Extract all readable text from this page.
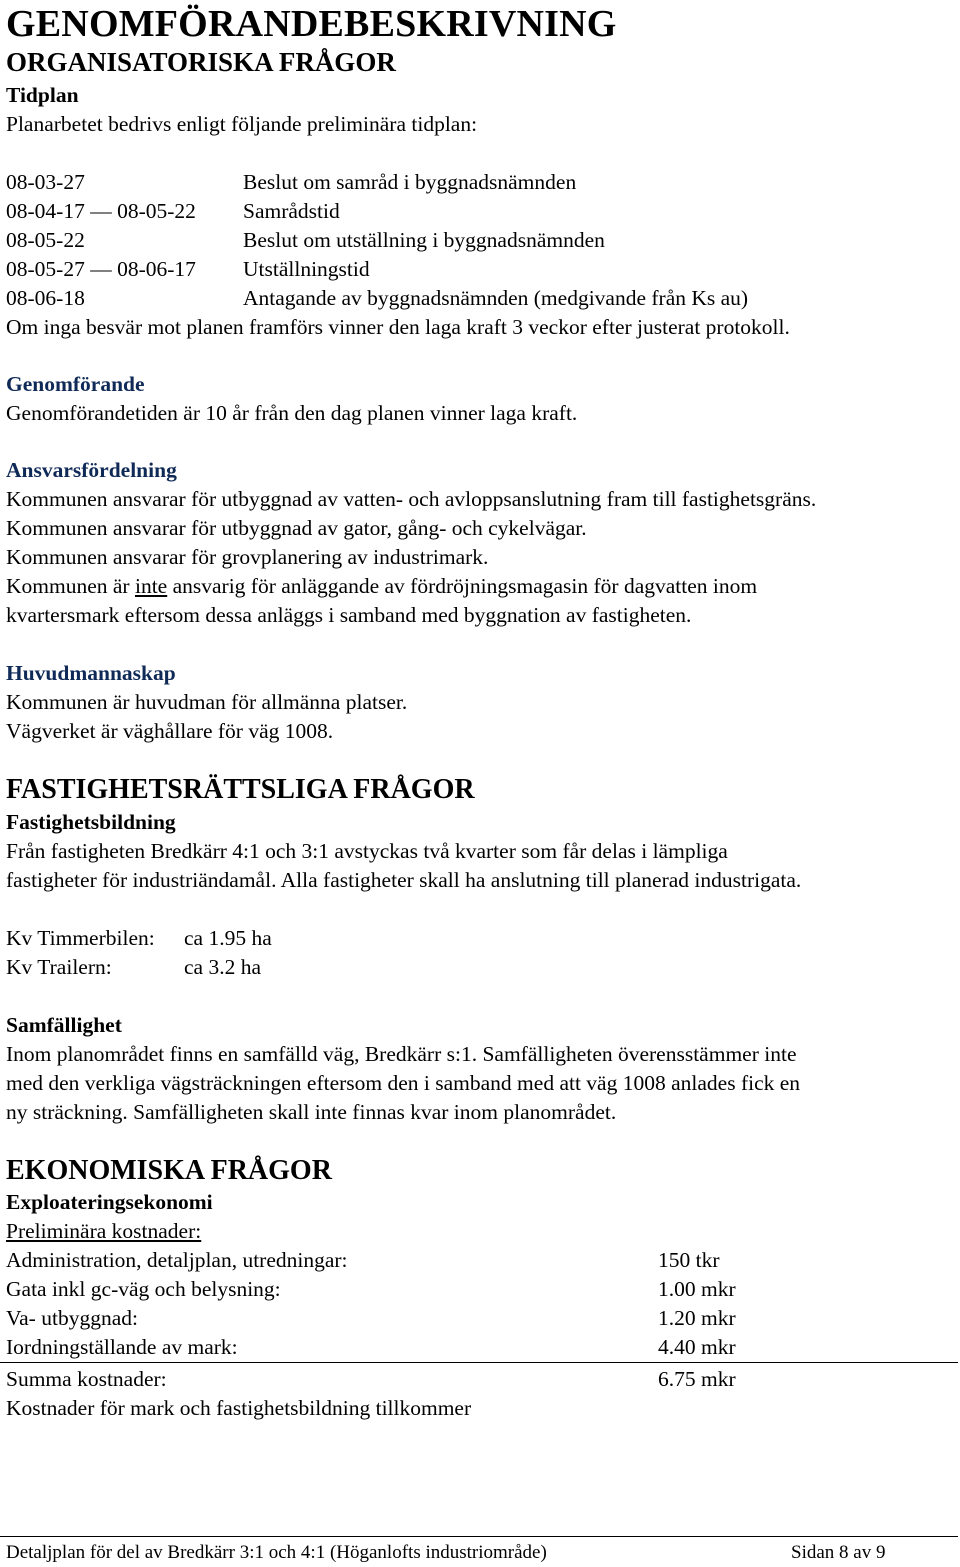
GENOMFÖRANDEBESKRIVNING
ORGANISATORISKA FRÅGOR
Tidplan
Planarbetet bedrivs enligt följande preliminära tidplan:
08-03-27	Beslut om samråd i byggnadsnämnden
08-04-17 — 08-05-22 Samrådstid
08-05-22	Beslut om utställning i byggnadsnämnden
08-05-27 — 08-06-17 Utställningstid
08-06-18	Antagande av byggnadsnämnden (medgivande från Ks au)
Om inga besvär mot planen framförs vinner den laga kraft 3 veckor efter justerat protokoll.
Genomförande
Genomförandetiden är 10 år från den dag planen vinner laga kraft.
Ansvarsfördelning
Kommunen ansvarar för utbyggnad av vatten- och avloppsanslutning fram till fastighetsgräns.
Kommunen ansvarar för utbyggnad av gator, gång- och cykelvägar.
Kommunen ansvarar för grovplanering av industrimark.
Kommunen är inte ansvarig för anläggande av fördröjningsmagasin för dagvatten inom
kvartersmark eftersom dessa anläggs i samband med byggnation av fastigheten.
Huvudmannaskap
Kommunen är huvudman för allmänna platser.
Vägverket är väghållare för väg 1008.
FASTIGHETSRÄTTSLIGA FRÅGOR
Fastighetsbildning
Från fastigheten Bredkärr 4:1 och 3:1 avstyckas två kvarter som får delas i lämpliga
fastigheter för industriändamål. Alla fastigheter skall ha anslutning till planerad industrigata.
Kv Timmerbilen: ca 1.95 ha
Kv Trailern:	ca 3.2 ha
Samfällighet
Inom planområdet finns en samfälld väg, Bredkärr s:1. Samfälligheten överensstämmer inte
med den verkliga vägsträckningen eftersom den i samband med att väg 1008 anlades fick en
ny sträckning. Samfälligheten skall inte finnas kvar inom planområdet.
EKONOMISKA FRÅGOR
Exploateringsekonomi
Preliminära kostnader:
Administration, detaljplan, utredningar:	150 tkr
Gata inkl gc-väg och belysning:	1.00 mkr
Va- utbyggnad:	1.20 mkr
Iordningställande av mark:	4.40 mkr
Summa kostnader:	6.75 mkr
Kostnader för mark och fastighetsbildning tillkommer
Detaljplan för del av Bredkärr 3:1 och 4:1 (Höganlofts industriområde)	Sidan 8 av 9
